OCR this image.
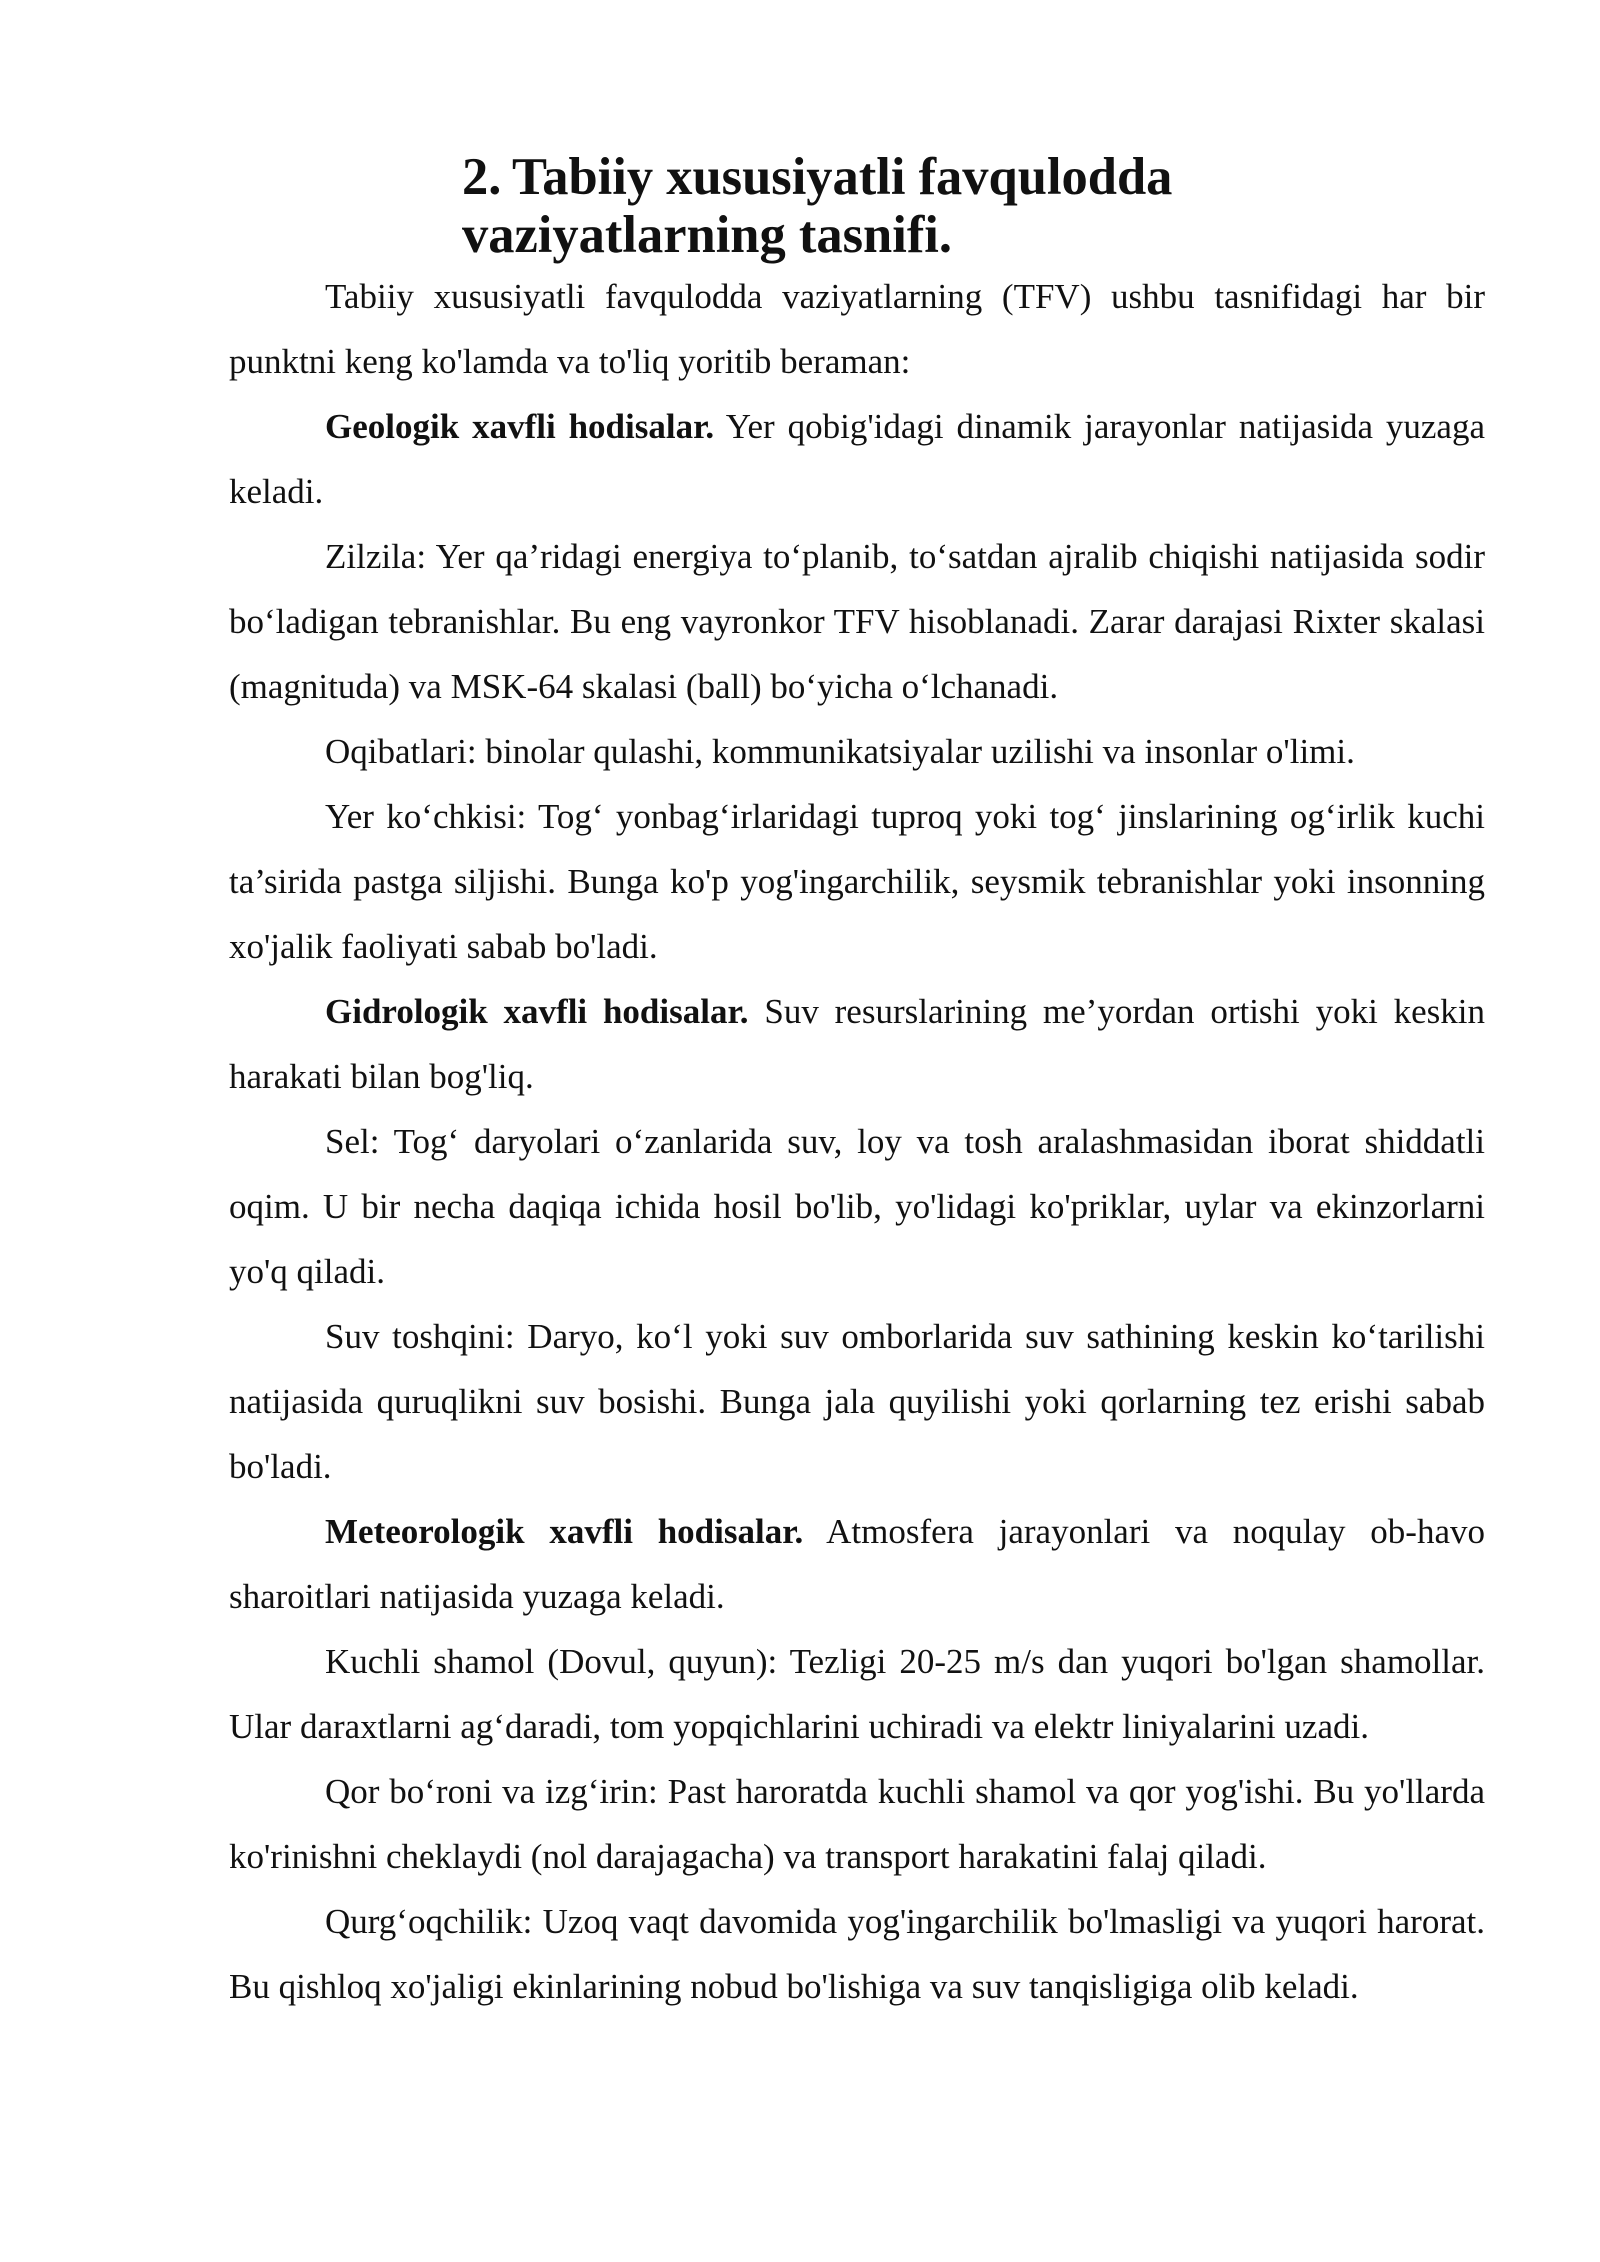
2. Tabiiy xususiyatli favqulodda vaziyatlarning tasnifi.

Tabiiy xususiyatli favqulodda vaziyatlarning (TFV) ushbu tasnifidagi har bir punktni keng ko'lamda va to'liq yoritib beraman:

Geologik xavfli hodisalar. Yer qobig'idagi dinamik jarayonlar natijasida yuzaga keladi.

Zilzila: Yer qa’ridagi energiya to‘planib, to‘satdan ajralib chiqishi natijasida sodir bo‘ladigan tebranishlar. Bu eng vayronkor TFV hisoblanadi. Zarar darajasi Rixter skalasi (magnituda) va MSK-64 skalasi (ball) bo‘yicha o‘lchanadi.

Oqibatlari: binolar qulashi, kommunikatsiyalar uzilishi va insonlar o'limi.

Yer ko‘chkisi: Tog‘ yonbag‘irlaridagi tuproq yoki tog‘ jinslarining og‘irlik kuchi ta’sirida pastga siljishi. Bunga ko'p yog'ingarchilik, seysmik tebranishlar yoki insonning xo'jalik faoliyati sabab bo'ladi.

Gidrologik xavfli hodisalar. Suv resurslarining me’yordan ortishi yoki keskin harakati bilan bog'liq.

Sel: Tog‘ daryolari o‘zanlarida suv, loy va tosh aralashmasidan iborat shiddatli oqim. U bir necha daqiqa ichida hosil bo'lib, yo'lidagi ko'priklar, uylar va ekinzorlarni yo'q qiladi.

Suv toshqini: Daryo, ko‘l yoki suv omborlarida suv sathining keskin ko‘tarilishi natijasida quruqlikni suv bosishi. Bunga jala quyilishi yoki qorlarning tez erishi sabab bo'ladi.

Meteorologik xavfli hodisalar. Atmosfera jarayonlari va noqulay ob-havo sharoitlari natijasida yuzaga keladi.

Kuchli shamol (Dovul, quyun): Tezligi 20-25 m/s dan yuqori bo'lgan shamollar. Ular daraxtlarni ag‘daradi, tom yopqichlarini uchiradi va elektr liniyalarini uzadi.

Qor bo‘roni va izg‘irin: Past haroratda kuchli shamol va qor yog'ishi. Bu yo'llarda ko'rinishni cheklaydi (nol darajagacha) va transport harakatini falaj qiladi.

Qurg‘oqchilik: Uzoq vaqt davomida yog'ingarchilik bo'lmasligi va yuqori harorat. Bu qishloq xo'jaligi ekinlarining nobud bo'lishiga va suv tanqisligiga olib keladi.
